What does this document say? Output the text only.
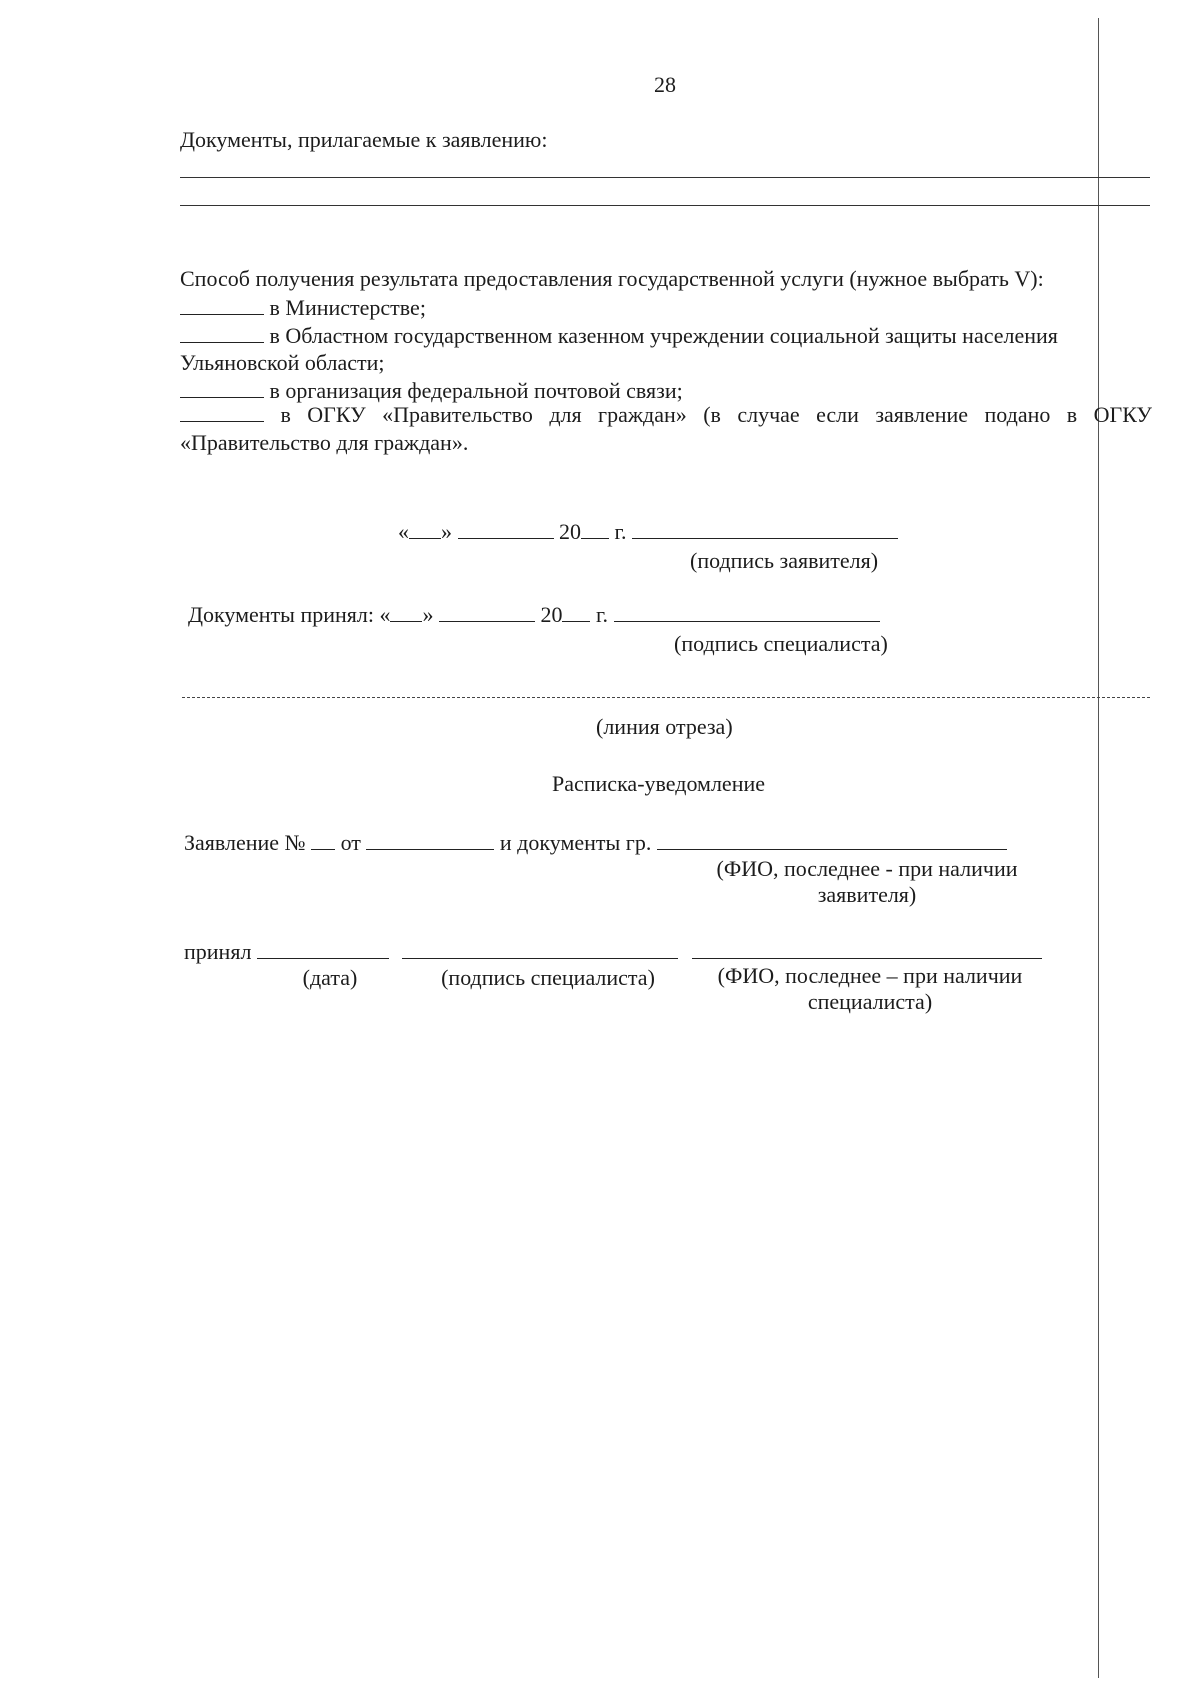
28
Документы, прилагаемые к заявлению:
Способ получения результата предоставления государственной услуги (нужное выбрать V):
в Министерстве;
в Областном государственном казенном учреждении социальной защиты населения
Ульяновской области;
в организация федеральной почтовой связи;
в ОГКУ «Правительство для граждан» (в случае если заявление подано в ОГКУ «Правительство для граждан».
« »	20 г.
(подпись заявителя)
Документы принял: « »	20 г.
(подпись специалиста)
(линия отреза)
Расписка-уведомление
Заявление № от	и документы гр.
(ФИО, последнее - при наличии
заявителя)
принял
(дата)	(подпись специалиста)	(ФИО, последнее – при наличии
специалиста)
